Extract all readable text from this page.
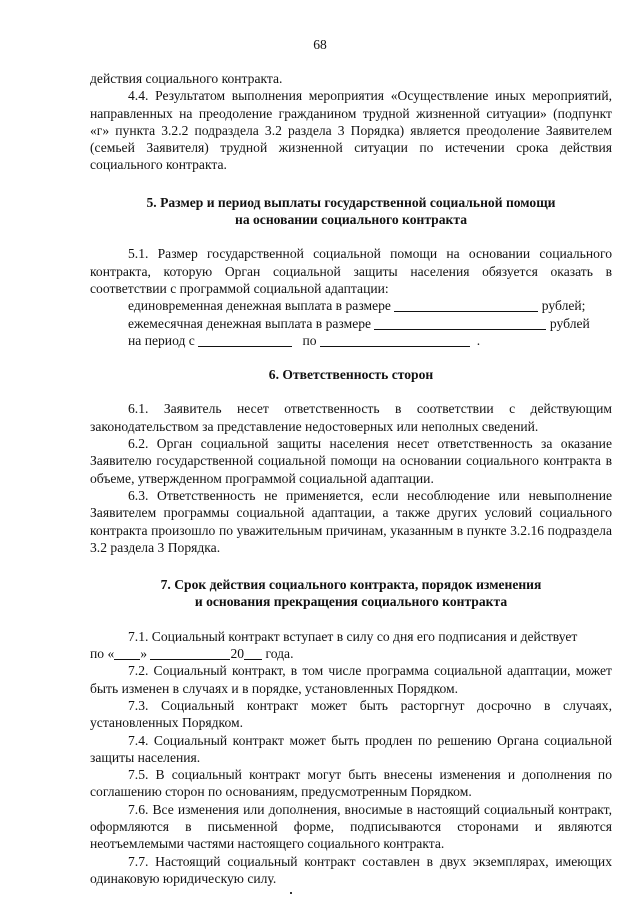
68

действия социального контракта.

4.4. Результатом выполнения мероприятия «Осуществление иных мероприятий, направленных на преодоление гражданином трудной жизненной ситуации» (подпункт «г» пункта 3.2.2 подраздела 3.2 раздела 3 Порядка) является преодоление Заявителем (семьей Заявителя) трудной жизненной ситуации по истечении срока действия социального контракта.

5. Размер и период выплаты государственной социальной помощи

на основании социального контракта

5.1. Размер государственной социальной помощи на основании социального контракта, которую Орган социальной защиты населения обязуется оказать в соответствии с программой социальной адаптации:

единовременная денежная выплата в размере	рублей;

ежемесячная денежная выплата в размере	рублей

на период с	по	.

6. Ответственность сторон

6.1. Заявитель несет ответственность в соответствии с действующим законодательством за представление недостоверных или неполных сведений.

6.2. Орган социальной защиты населения несет ответственность за оказание Заявителю государственной социальной помощи на основании социального контракта в объеме, утвержденном программой социальной адаптации.

6.3. Ответственность не применяется, если несоблюдение или невыполнение Заявителем программы социальной адаптации, а также других условий социального контракта произошло по уважительным причинам, указанным в пункте 3.2.16 подраздела 3.2 раздела 3 Порядка.

7. Срок действия социального контракта, порядок изменения

и основания прекращения социального контракта

7.1. Социальный контракт вступает в силу со дня его подписания и действует

по « »	20 года.

7.2. Социальный контракт, в том числе программа социальной адаптации, может быть изменен в случаях и в порядке, установленных Порядком.

7.3. Социальный контракт может быть расторгнут досрочно в случаях, установленных Порядком.

7.4. Социальный контракт может быть продлен по решению Органа социальной защиты населения.

7.5. В социальный контракт могут быть внесены изменения и дополнения по соглашению сторон по основаниям, предусмотренным Порядком.

7.6. Все изменения или дополнения, вносимые в настоящий социальный контракт, оформляются в письменной форме, подписываются сторонами и являются неотъемлемыми частями настоящего социального контракта.

7.7. Настоящий социальный контракт составлен в двух экземплярах, имеющих одинаковую юридическую силу.
